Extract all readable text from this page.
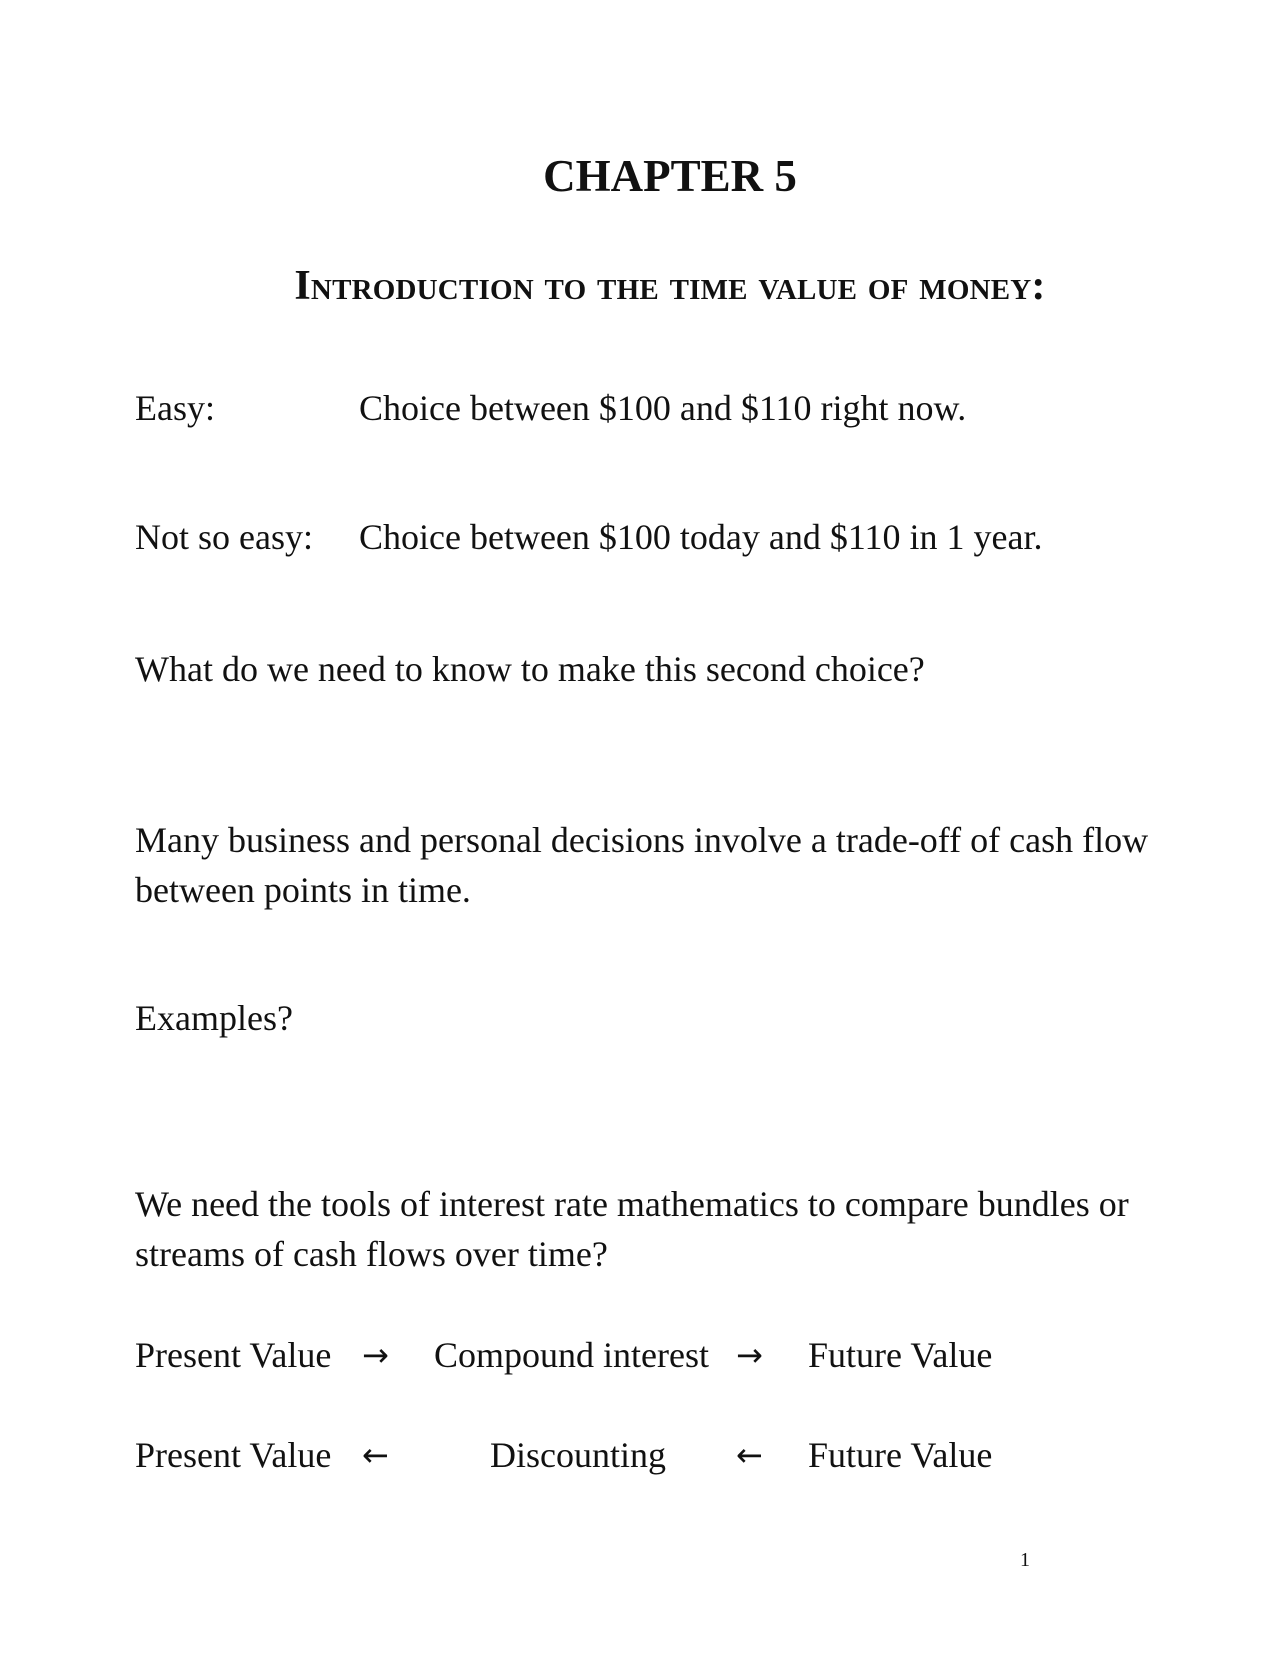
CHAPTER 5
Introduction to the time value of money:
Easy:	Choice between $100 and $110 right now.
Not so easy: Choice between $100 today and $110 in 1 year.
What do we need to know to make this second choice?
Many business and personal decisions involve a trade-off of cash flow between points in time.
Examples?
We need the tools of interest rate mathematics to compare bundles or streams of cash flows over time?
Present Value → Compound interest → Future Value
Present Value ←	Discounting ← Future Value
1
